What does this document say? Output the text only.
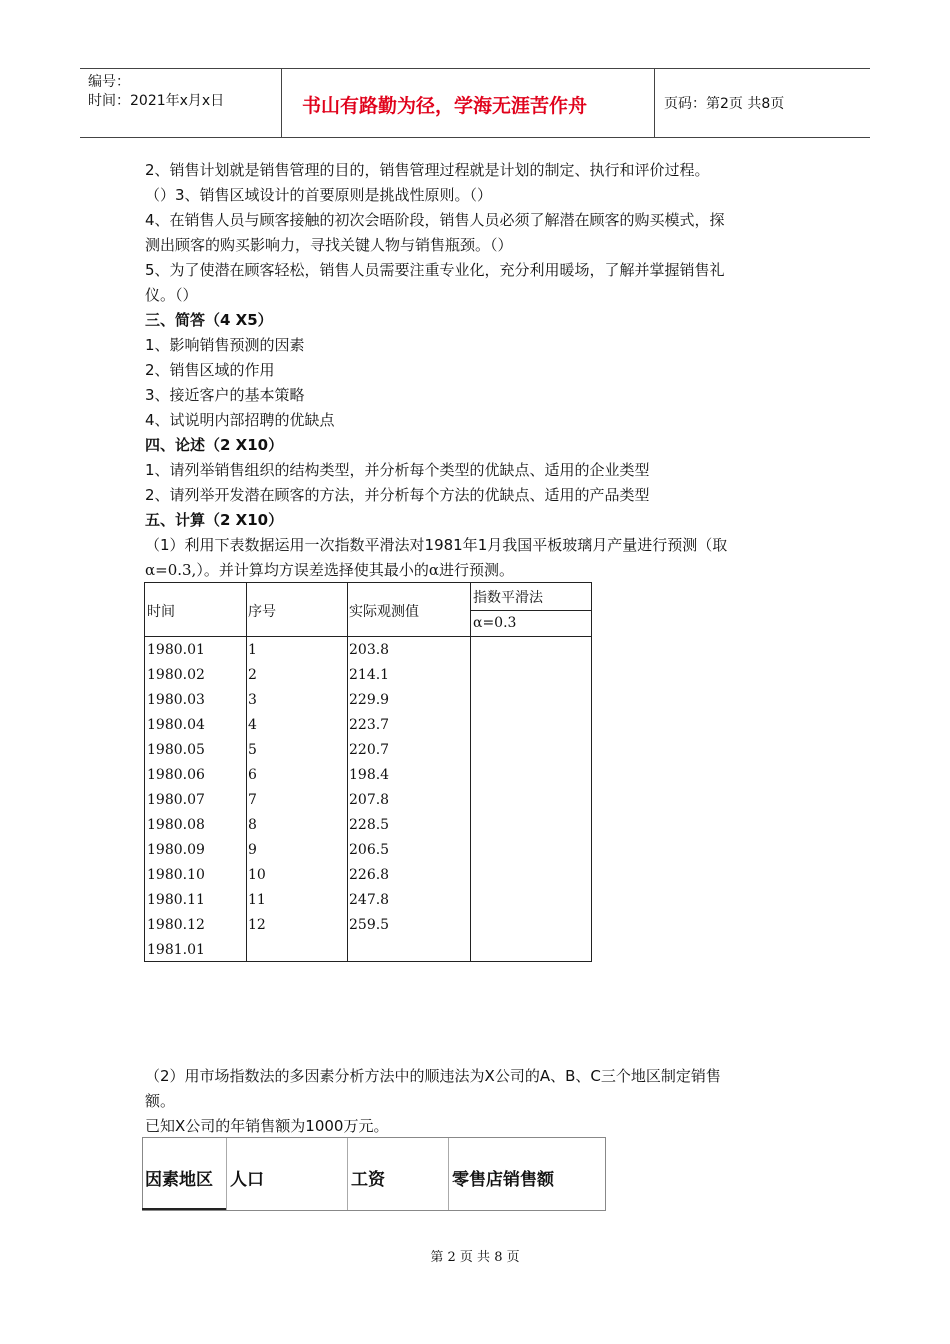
编号：
时间：2021年x月x日	书山有路勤为径，学海无涯苦作舟	页码：第2页 共8页
2、销售计划就是销售管理的目的，销售管理过程就是计划的制定、执行和评价过程。
（）3、销售区域设计的首要原则是挑战性原则。（）
4、在销售人员与顾客接触的初次会晤阶段，销售人员必须了解潜在顾客的购买模式，探
测出顾客的购买影响力，寻找关键人物与销售瓶颈。（）
5、为了使潜在顾客轻松，销售人员需要注重专业化，充分利用暖场，了解并掌握销售礼
仪。（）
三、简答（4 X5）
1、影响销售预测的因素
2、销售区域的作用
3、接近客户的基本策略
4、试说明内部招聘的优缺点
四、论述（2 X10）
1、请列举销售组织的结构类型，并分析每个类型的优缺点、适用的企业类型
2、请列举开发潜在顾客的方法，并分析每个方法的优缺点、适用的产品类型
五、计算（2 X10）
（1）利用下表数据运用一次指数平滑法对1981年1月我国平板玻璃月产量进行预测（取
α=0.3,）。并计算均方误差选择使其最小的α进行预测。
时间	序号	实际观测值
指数平滑法
α=0.3
1980.01	1	203.8
1980.02	2	214.1
1980.03	3	229.9
1980.04	4	223.7
1980.05	5	220.7
1980.06	6	198.4
1980.07	7	207.8
1980.08	8	228.5
1980.09	9	206.5
1980.10	10	226.8
1980.11	11	247.8
1980.12	12	259.5
1981.01
（2）用市场指数法的多因素分析方法中的顺违法为X公司的A、B、C三个地区制定销售
额。
已知X公司的年销售额为1000万元。
因素地区 人口	工资	零售店销售额
第 2 页 共 8 页
